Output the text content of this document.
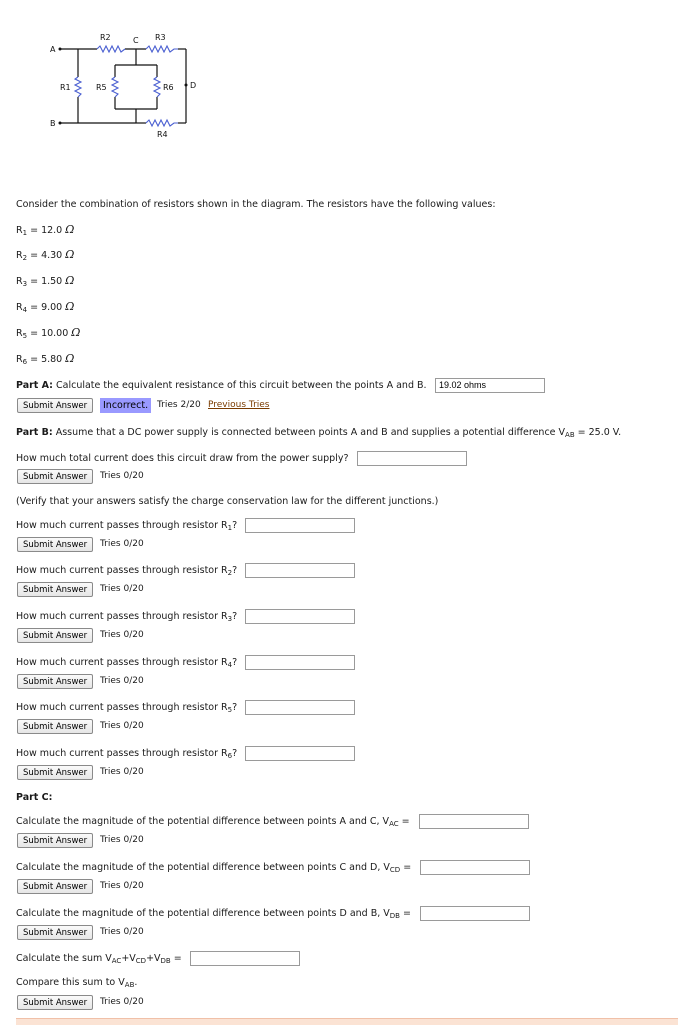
A
B
C
D
R2	R3
R1	R5	R6
R4
Consider the combination of resistors shown in the diagram. The resistors have the following values:
$R_1 = 12.0$ Ω
$R_2 = 4.30$ Ω
$R_3 = 1.50$ Ω
$R_4 = 9.00$ Ω
$R_5 = 10.00$ Ω
$R_6 = 5.80$ Ω
Part A: Calculate the equivalent resistance of this circuit between the points A and B.	19.02 ohms
Submit Answer	Incorrect. Tries 2/20 Previous Tries
Part B: Assume that a DC power supply is connected between points A and B and supplies a potential difference $V_{AB} = 25.0$ V.
How much total current does this circuit draw from the power supply?
Submit Answer	Tries 0/20
(Verify that your answers satisfy the charge conservation law for the different junctions.)
How much current passes through resistor $R_1$?
Submit Answer	Tries 0/20
How much current passes through resistor $R_2$?
Submit Answer	Tries 0/20
How much current passes through resistor $R_3$?
Submit Answer	Tries 0/20
How much current passes through resistor $R_4$?
Submit Answer	Tries 0/20
How much current passes through resistor $R_5$?
Submit Answer	Tries 0/20
How much current passes through resistor $R_6$?
Submit Answer	Tries 0/20
Part C:
Calculate the magnitude of the potential difference between points A and C, $V_{AC}$ =
Submit Answer	Tries 0/20
Calculate the magnitude of the potential difference between points C and D, $V_{CD}$ =
Submit Answer	Tries 0/20
Calculate the magnitude of the potential difference between points D and B, $V_{DB}$ =
Submit Answer	Tries 0/20
Calculate the sum $V_{AC}+V_{CD}+V_{DB}$ =
Compare this sum to $V_{AB}$.
Submit Answer	Tries 0/20
